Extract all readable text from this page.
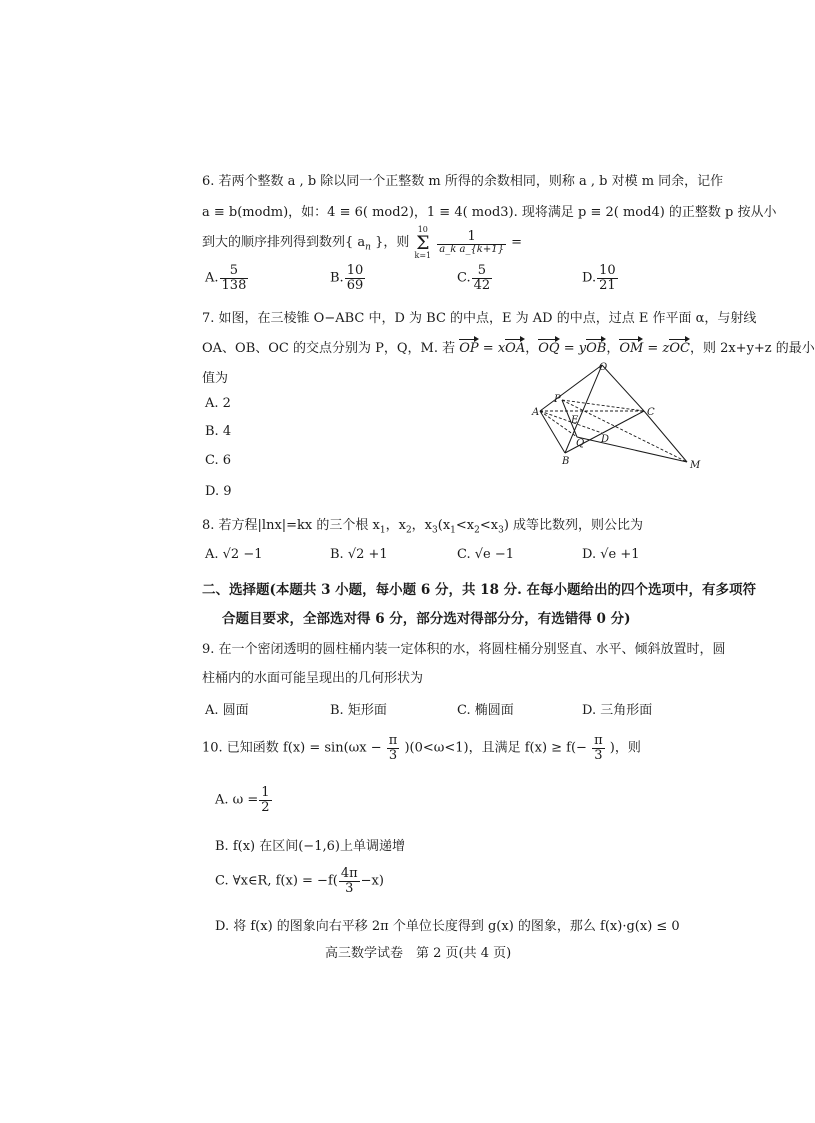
6. 若两个整数 a , b 除以同一个正整数 m 所得的余数相同，则称 a , b 对模 m 同余，记作
a ≡ b(modm)，如：4 ≡ 6( mod2)，1 ≡ 4( mod3). 现将满足 p ≡ 2( mod4) 的正整数 p 按从小
到大的顺序排列得到数列{ $a_n$ }，则
10
Σ
k=1
$\frac{1}{\text{a\_k a\_\{k+1\}}}$ =
A. $\frac{5}{138}$	B. $\frac{10}{69}$	C. $\frac{5}{42}$	D. $\frac{10}{21}$
7. 如图，在三棱锥 O−ABC 中，D 为 BC 的中点，E 为 AD 的中点，过点 E 作平面 α，与射线
OA、OB、OC 的交点分别为 P，Q，M. 若 OP = xOA，OQ = yOB，OM = zOC，则 2x+y+z 的最小
值为
A. 2
B. 4
C. 6
D. 9
O
P
A	C
E
Q D
B	M
8. 若方程|lnx|=kx 的三个根 $x_1$，$x_2$，$x_3(x_1<x_2<x_3)$ 成等比数列，则公比为
A. √2 −1	B. √2 +1	C. √e −1	D. √e +1
二、选择题(本题共 3 小题，每小题 6 分，共 18 分. 在每小题给出的四个选项中，有多项符
合题目要求，全部选对得 6 分，部分选对得部分分，有选错得 0 分)
9. 在一个密闭透明的圆柱桶内装一定体积的水，将圆柱桶分别竖直、水平、倾斜放置时，圆
柱桶内的水面可能呈现出的几何形状为
A. 圆面	B. 矩形面	C. 椭圆面	D. 三角形面
10. 已知函数 $f(x) = \sin(\omega x - \frac{\pi}{3} )(0<\omega<1)$，且满足 $f(x) \ge f(- \frac{\pi}{3}$ )，则
A. $\omega = \frac{1}{2}$
B. f(x) 在区间(−1,6)上单调递增
C. ∀x∈R, $f(x) = -f( \frac{4\pi}{3} -x)$
D. 将 f(x) 的图象向右平移 2π 个单位长度得到 g(x) 的图象，那么 f(x)·g(x) ≤ 0
高三数学试卷　第 2 页(共 4 页)
